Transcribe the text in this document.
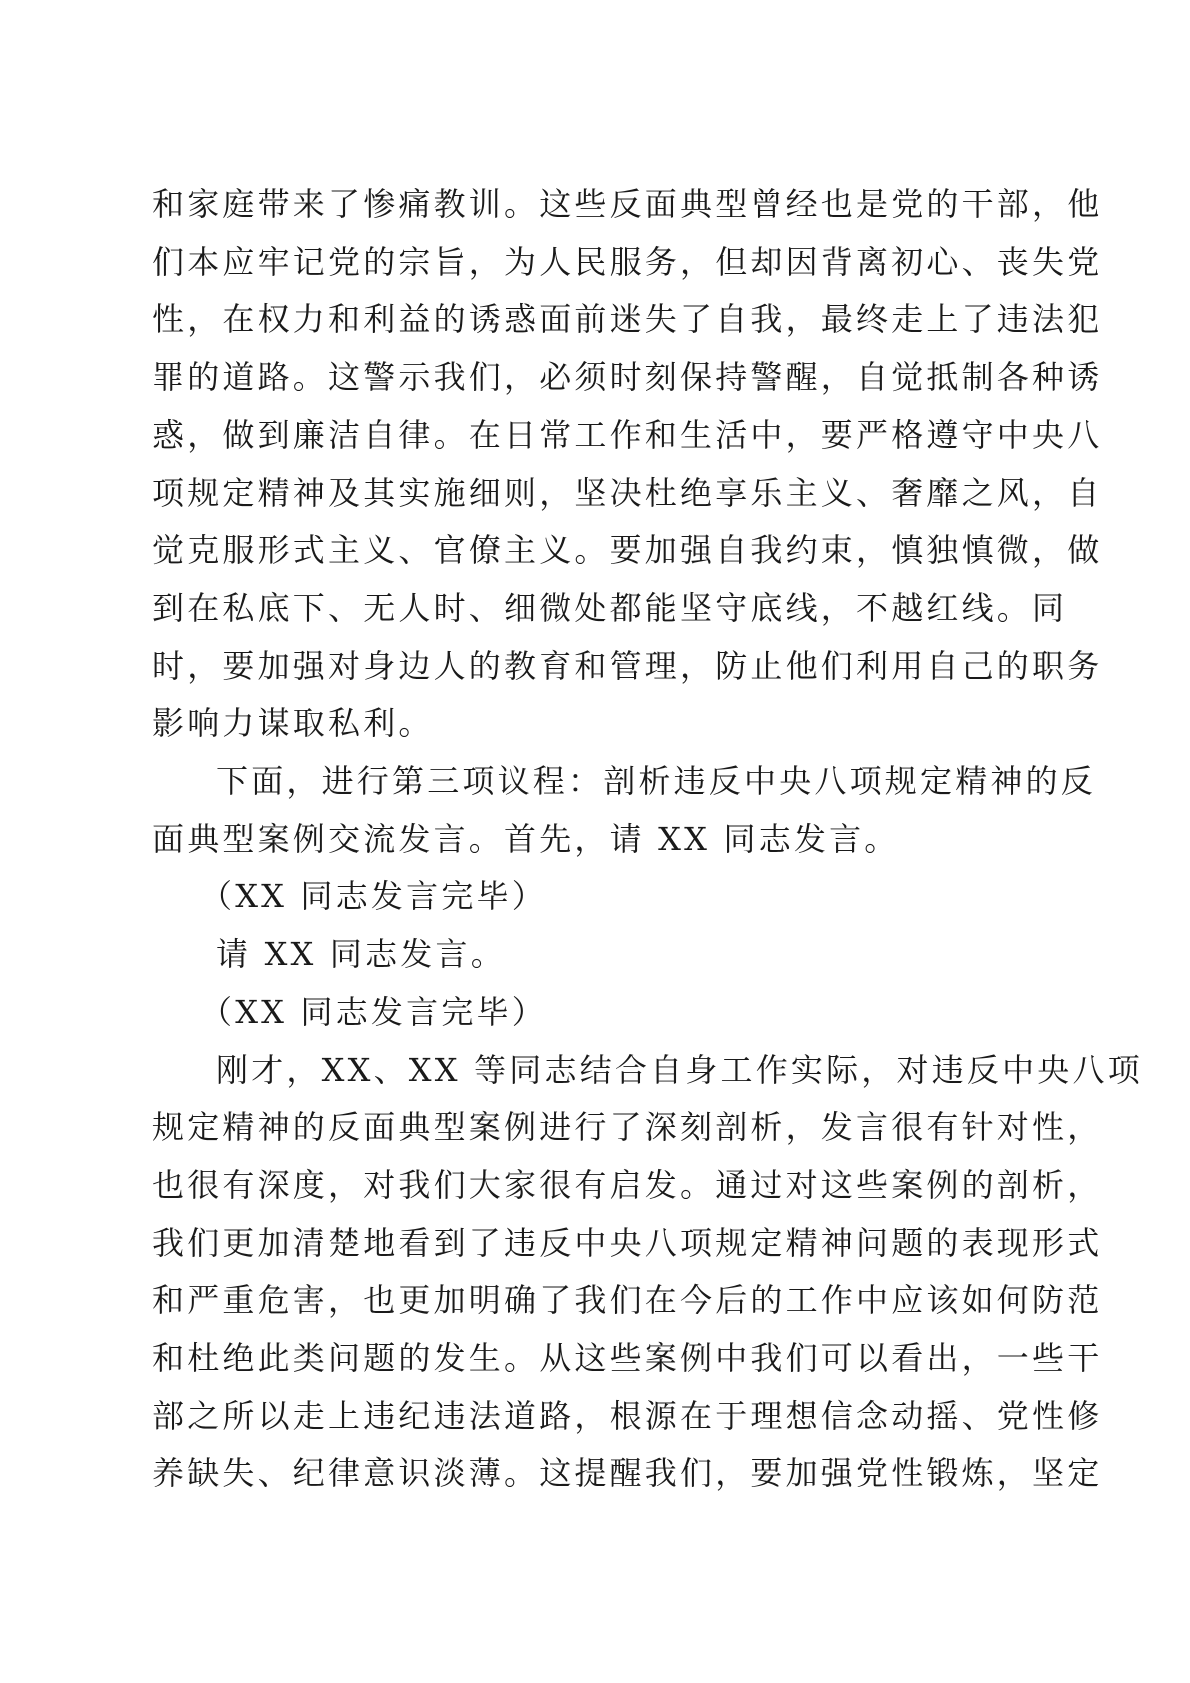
和家庭带来了惨痛教训。这些反面典型曾经也是党的干部，他
们本应牢记党的宗旨，为人民服务，但却因背离初心、丧失党
性，在权力和利益的诱惑面前迷失了自我，最终走上了违法犯
罪的道路。这警示我们，必须时刻保持警醒，自觉抵制各种诱
惑，做到廉洁自律。在日常工作和生活中，要严格遵守中央八
项规定精神及其实施细则，坚决杜绝享乐主义、奢靡之风，自
觉克服形式主义、官僚主义。要加强自我约束，慎独慎微，做
到在私底下、无人时、细微处都能坚守底线，不越红线。同
时，要加强对身边人的教育和管理，防止他们利用自己的职务
影响力谋取私利。
下面，进行第三项议程：剖析违反中央八项规定精神的反
面典型案例交流发言。首先，请 XX 同志发言。
（XX 同志发言完毕）
请 XX 同志发言。
（XX 同志发言完毕）
刚才，XX、XX 等同志结合自身工作实际，对违反中央八项
规定精神的反面典型案例进行了深刻剖析，发言很有针对性，
也很有深度，对我们大家很有启发。通过对这些案例的剖析，
我们更加清楚地看到了违反中央八项规定精神问题的表现形式
和严重危害，也更加明确了我们在今后的工作中应该如何防范
和杜绝此类问题的发生。从这些案例中我们可以看出，一些干
部之所以走上违纪违法道路，根源在于理想信念动摇、党性修
养缺失、纪律意识淡薄。这提醒我们，要加强党性锻炼，坚定
